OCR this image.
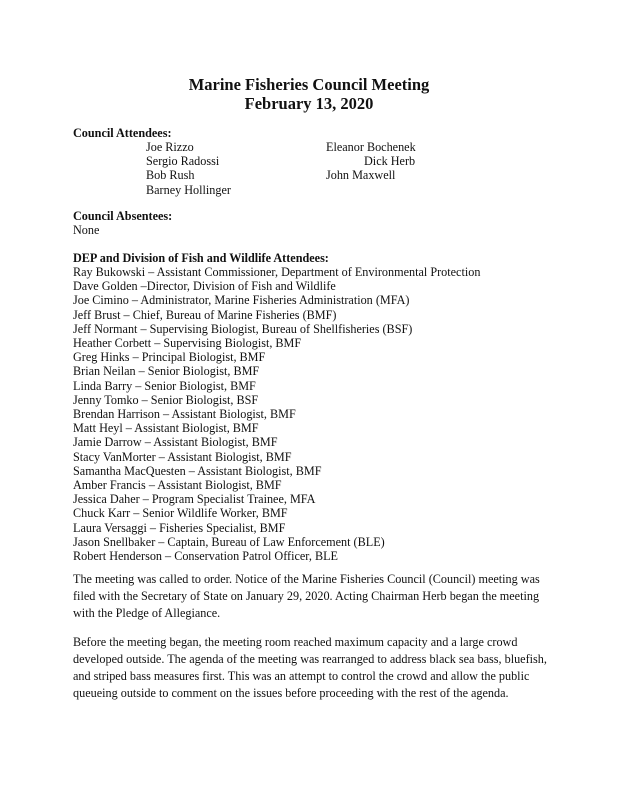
Marine Fisheries Council Meeting
February 13, 2020
Council Attendees:
Joe Rizzo
Sergio Radossi
Bob Rush
Barney Hollinger
Eleanor Bochenek
Dick Herb
John Maxwell
Council Absentees:
None
DEP and Division of Fish and Wildlife Attendees:
Ray Bukowski – Assistant Commissioner, Department of Environmental Protection
Dave Golden –Director, Division of Fish and Wildlife
Joe Cimino – Administrator, Marine Fisheries Administration (MFA)
Jeff Brust – Chief, Bureau of Marine Fisheries (BMF)
Jeff Normant – Supervising Biologist, Bureau of Shellfisheries (BSF)
Heather Corbett – Supervising Biologist, BMF
Greg Hinks – Principal Biologist, BMF
Brian Neilan – Senior Biologist, BMF
Linda Barry – Senior Biologist, BMF
Jenny Tomko – Senior Biologist, BSF
Brendan Harrison – Assistant Biologist, BMF
Matt Heyl – Assistant Biologist, BMF
Jamie Darrow – Assistant Biologist, BMF
Stacy VanMorter – Assistant Biologist, BMF
Samantha MacQuesten – Assistant Biologist, BMF
Amber Francis – Assistant Biologist, BMF
Jessica Daher – Program Specialist Trainee, MFA
Chuck Karr – Senior Wildlife Worker, BMF
Laura Versaggi – Fisheries Specialist, BMF
Jason Snellbaker – Captain, Bureau of Law Enforcement (BLE)
Robert Henderson – Conservation Patrol Officer, BLE
The meeting was called to order. Notice of the Marine Fisheries Council (Council) meeting was filed with the Secretary of State on January 29, 2020. Acting Chairman Herb began the meeting with the Pledge of Allegiance.
Before the meeting began, the meeting room reached maximum capacity and a large crowd developed outside. The agenda of the meeting was rearranged to address black sea bass, bluefish, and striped bass measures first. This was an attempt to control the crowd and allow the public queueing outside to comment on the issues before proceeding with the rest of the agenda.
